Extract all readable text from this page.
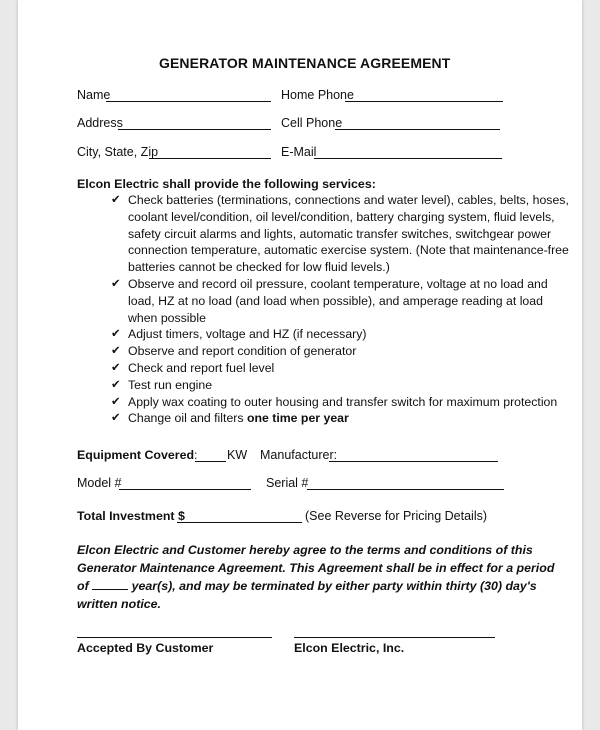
GENERATOR MAINTENANCE AGREEMENT
Name	Home Phone
Address	Cell Phone
City, State, Zip	E-Mail
Elcon Electric shall provide the following services:
✔ Check batteries (terminations, connections and water level), cables, belts, hoses,
coolant level/condition, oil level/condition, battery charging system, fluid levels,
safety circuit alarms and lights, automatic transfer switches, switchgear power
connection temperature, automatic exercise system. (Note that maintenance-free
batteries cannot be checked for low fluid levels.)
✔ Observe and record oil pressure, coolant temperature, voltage at no load and
load, HZ at no load (and load when possible), and amperage reading at load
when possible
✔ Adjust timers, voltage and HZ (if necessary)
✔ Observe and report condition of generator
✔ Check and report fuel level
✔ Test run engine
✔ Apply wax coating to outer housing and transfer switch for maximum protection
✔ Change oil and filters one time per year
Equipment Covered: KW Manufacturer:
Model #	Serial #
Total Investment $	(See Reverse for Pricing Details)
Elcon Electric and Customer hereby agree to the terms and conditions of this
Generator Maintenance Agreement. This Agreement shall be in effect for a period
of	year(s), and may be terminated by either party within thirty (30) day's
written notice.
Accepted By Customer	Elcon Electric, Inc.
